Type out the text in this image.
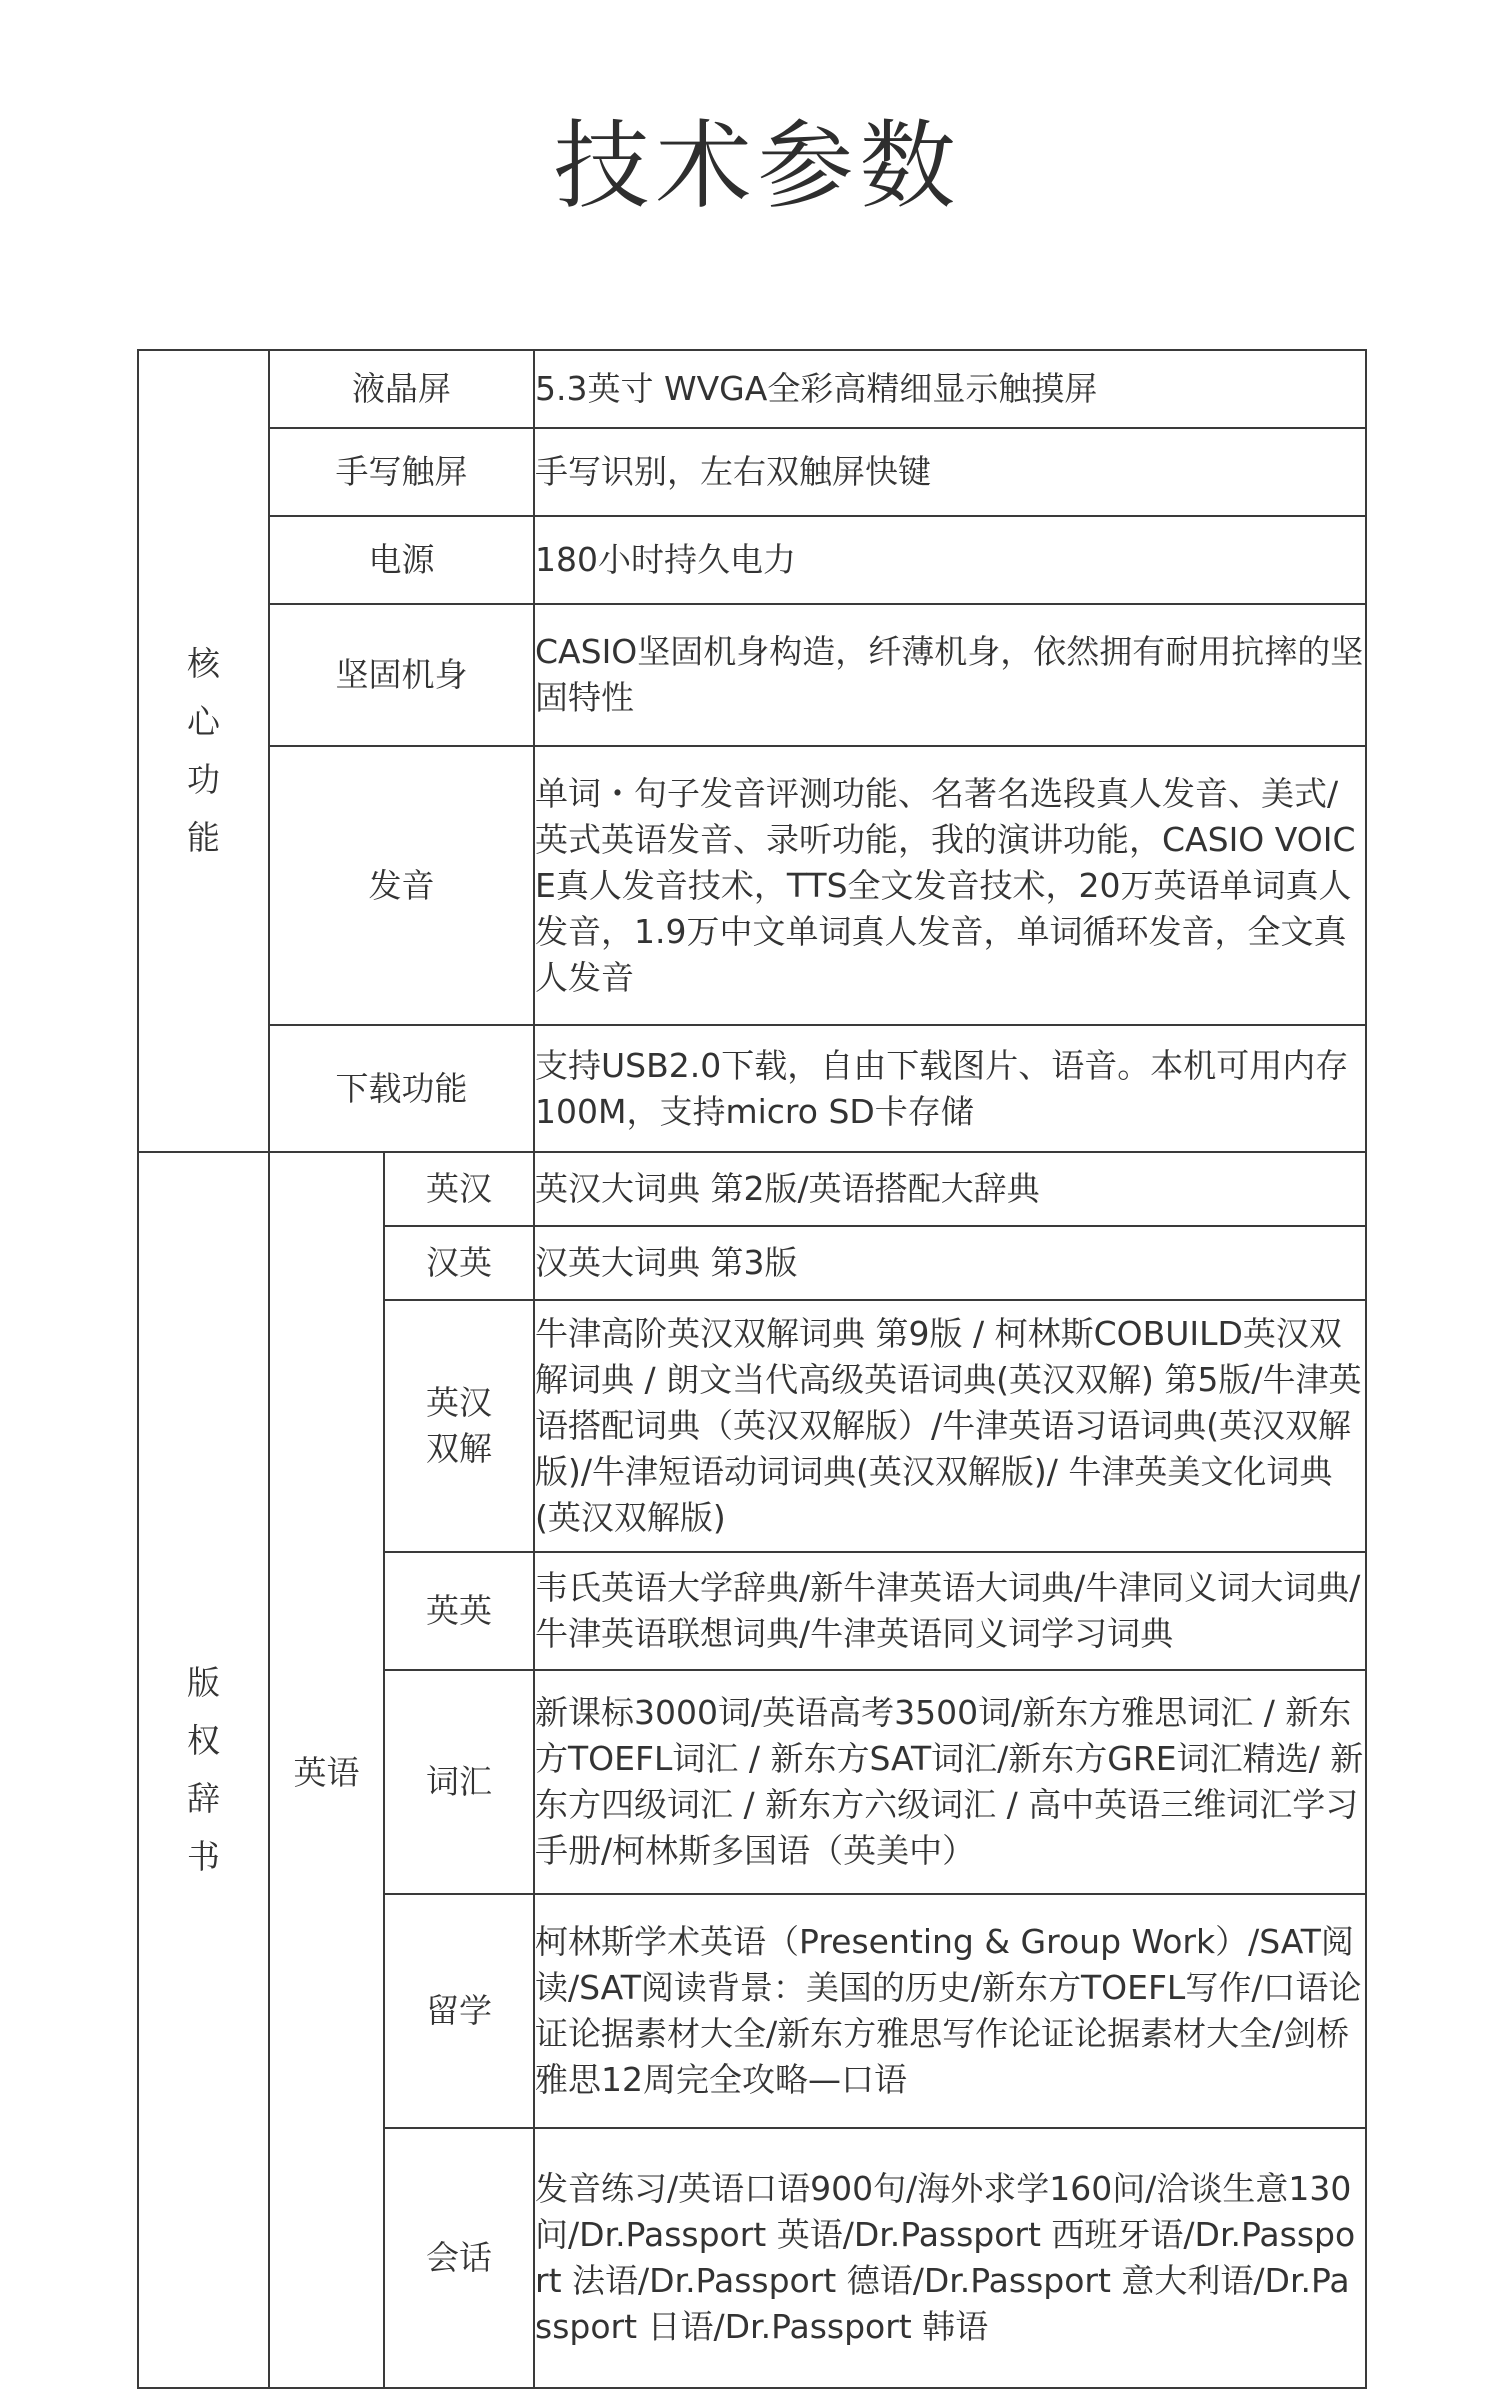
技术参数
核心功能	液晶屏		5.3英寸 WVGA全彩高精细显示触摸屏
	手写触屏		手写识别，左右双触屏快键
	电源		180小时持久电力
	坚固机身		CASIO坚固机身构造，纤薄机身，依然拥有耐用抗摔的坚固特性
	发音		单词・句子发音评测功能、名著名选段真人发音、美式/英式英语发音、录听功能，我的演讲功能，CASIO VOICE真人发音技术，TTS全文发音技术，20万英语单词真人发音，1.9万中文单词真人发音，单词循环发音，全文真人发音
	下载功能		支持USB2.0下载，自由下载图片、语音。本机可用内存100M，支持micro SD卡存储
版权辞书	英语	英汉	英汉大词典 第2版/英语搭配大辞典
		汉英	汉英大词典 第3版
		英汉双解	牛津高阶英汉双解词典 第9版 / 柯林斯COBUILD英汉双解词典 / 朗文当代高级英语词典(英汉双解) 第5版/牛津英语搭配词典（英汉双解版）/牛津英语习语词典(英汉双解版)/牛津短语动词词典(英汉双解版)/ 牛津英美文化词典(英汉双解版)
		英英	韦氏英语大学辞典/新牛津英语大词典/牛津同义词大词典/牛津英语联想词典/牛津英语同义词学习词典
		词汇	新课标3000词/英语高考3500词/新东方雅思词汇 / 新东方TOEFL词汇 / 新东方SAT词汇/新东方GRE词汇精选/ 新东方四级词汇 / 新东方六级词汇 / 高中英语三维词汇学习手册/柯林斯多国语（英美中）
		留学	柯林斯学术英语（Presenting & Group Work）/SAT阅读/SAT阅读背景：美国的历史/新东方TOEFL写作/口语论证论据素材大全/新东方雅思写作论证论据素材大全/剑桥雅思12周完全攻略—口语
		会话	发音练习/英语口语900句/海外求学160问/洽谈生意130问/Dr.Passport 英语/Dr.Passport 西班牙语/Dr.Passport 法语/Dr.Passport 德语/Dr.Passport 意大利语/Dr.Passport 日语/Dr.Passport 韩语
